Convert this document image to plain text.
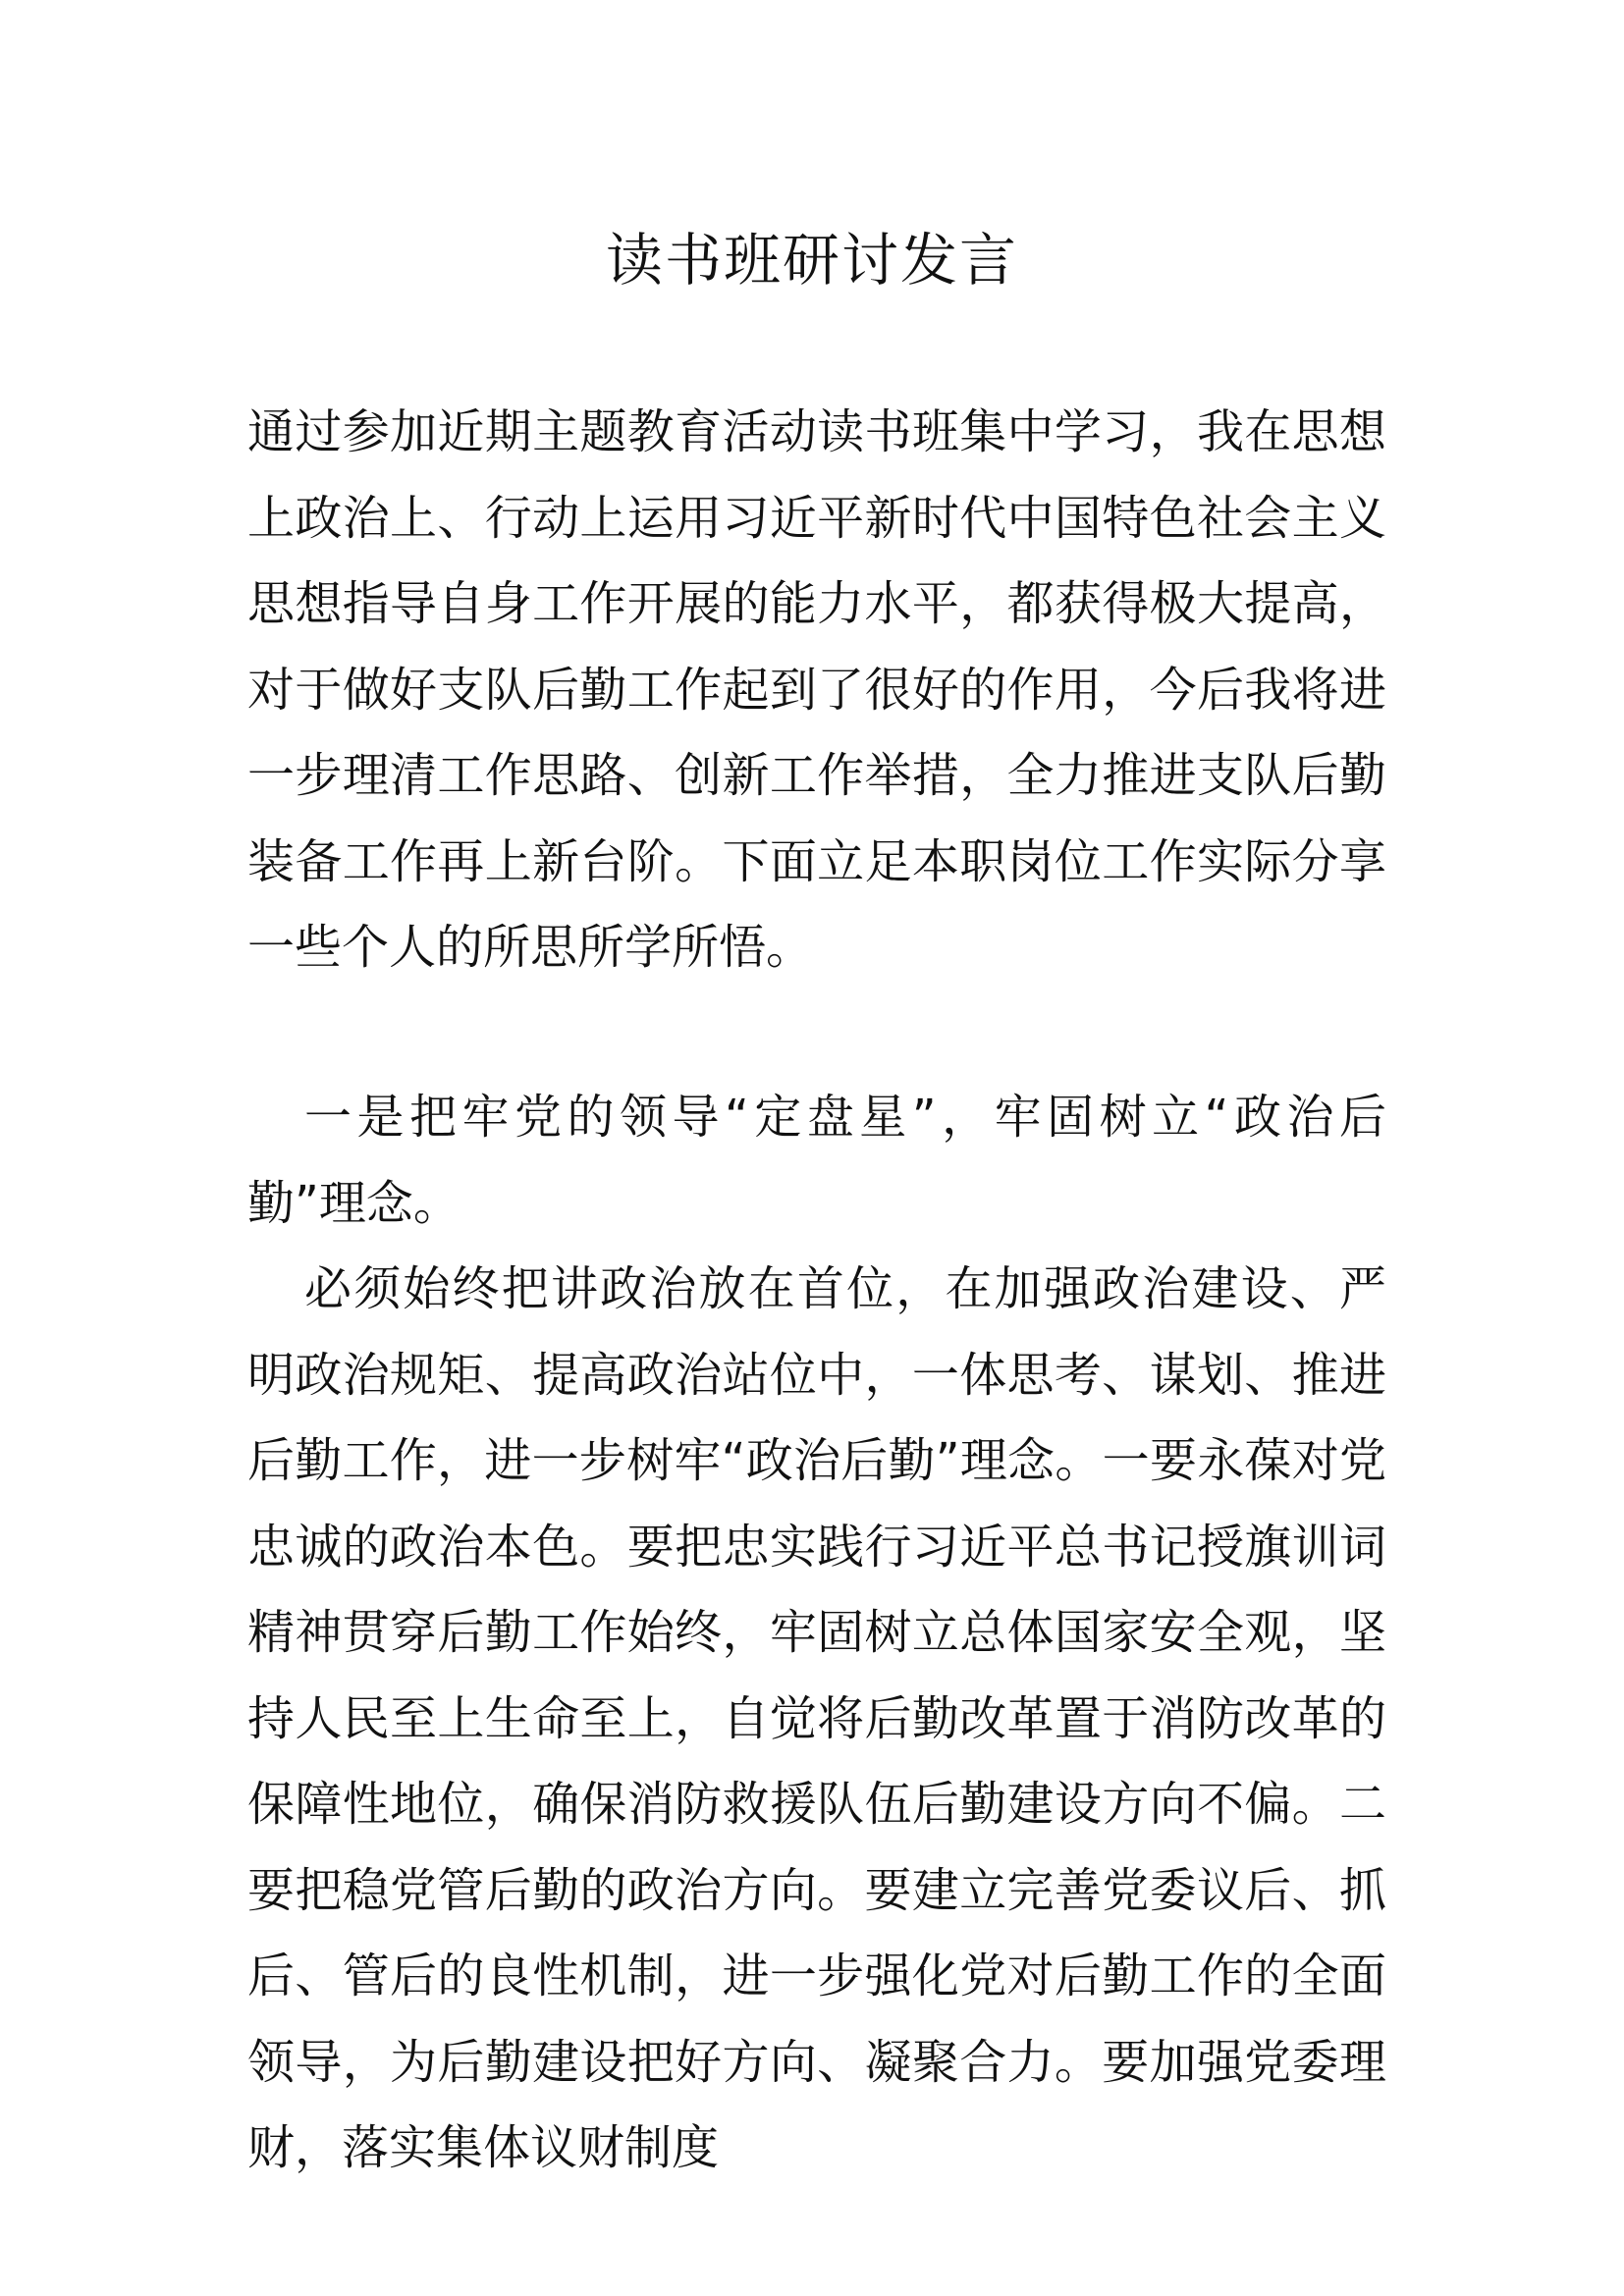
读书班研讨发言

通过参加近期主题教育活动读书班集中学习，我在思想上政治上、行动上运用习近平新时代中国特色社会主义思想指导自身工作开展的能力水平，都获得极大提高，对于做好支队后勤工作起到了很好的作用，今后我将进一步理清工作思路、创新工作举措，全力推进支队后勤装备工作再上新台阶。下面立足本职岗位工作实际分享一些个人的所思所学所悟。

一是把牢党的领导“定盘星”，牢固树立“政治后勤”理念。

必须始终把讲政治放在首位，在加强政治建设、严明政治规矩、提高政治站位中，一体思考、谋划、推进后勤工作，进一步树牢“政治后勤”理念。一要永葆对党忠诚的政治本色。要把忠实践行习近平总书记授旗训词精神贯穿后勤工作始终，牢固树立总体国家安全观，坚持人民至上生命至上，自觉将后勤改革置于消防改革的保障性地位，确保消防救援队伍后勤建设方向不偏。二要把稳党管后勤的政治方向。要建立完善党委议后、抓后、管后的良性机制，进一步强化党对后勤工作的全面领导，为后勤建设把好方向、凝聚合力。要加强党委理财，落实集体议财制度
